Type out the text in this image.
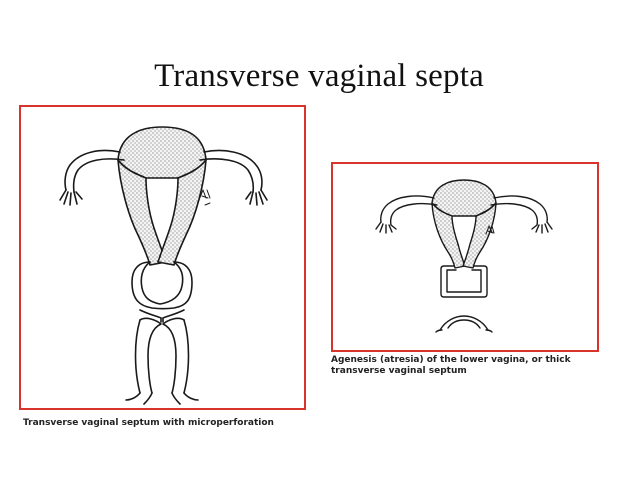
Transverse vaginal septa
Transverse vaginal septum with microperforation
Agenesis (atresia) of the lower vagina, or thick
transverse vaginal septum
